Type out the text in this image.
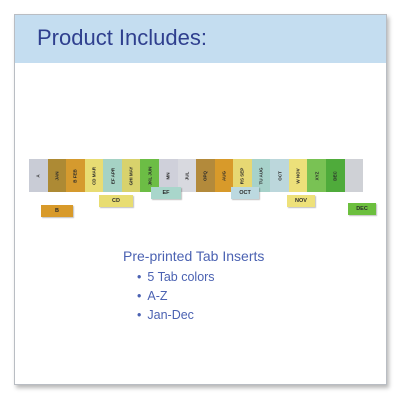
Product Includes:
A	JAN	B FEB	CD MAR	EF APR	GHI MAY	JKL JUN	MN	JUL	OPQ	AUG	RS SEP	TU AUG	OCT	W NOV	XYZ	DEC
B
CD
EF	OCT
NOV
DEC
Pre-printed Tab Inserts
• 5 Tab colors
• A-Z
• Jan-Dec
